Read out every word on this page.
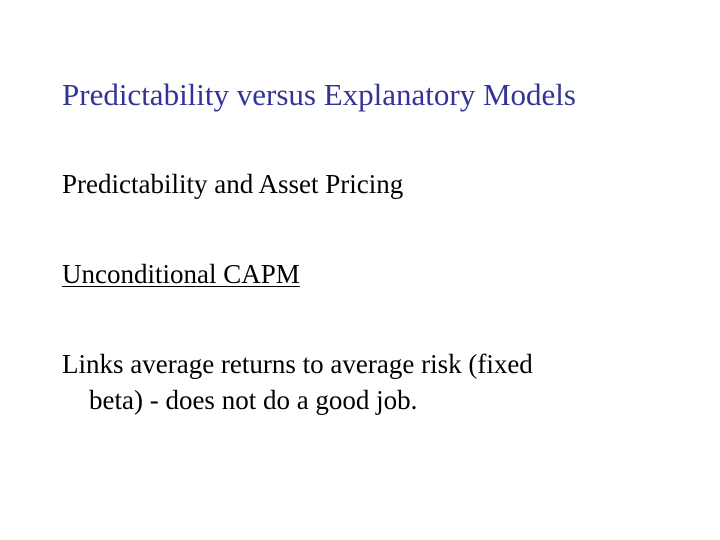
Predictability versus Explanatory Models

Predictability and Asset Pricing

Unconditional CAPM

Links average returns to average risk (fixed
beta) - does not do a good job.
